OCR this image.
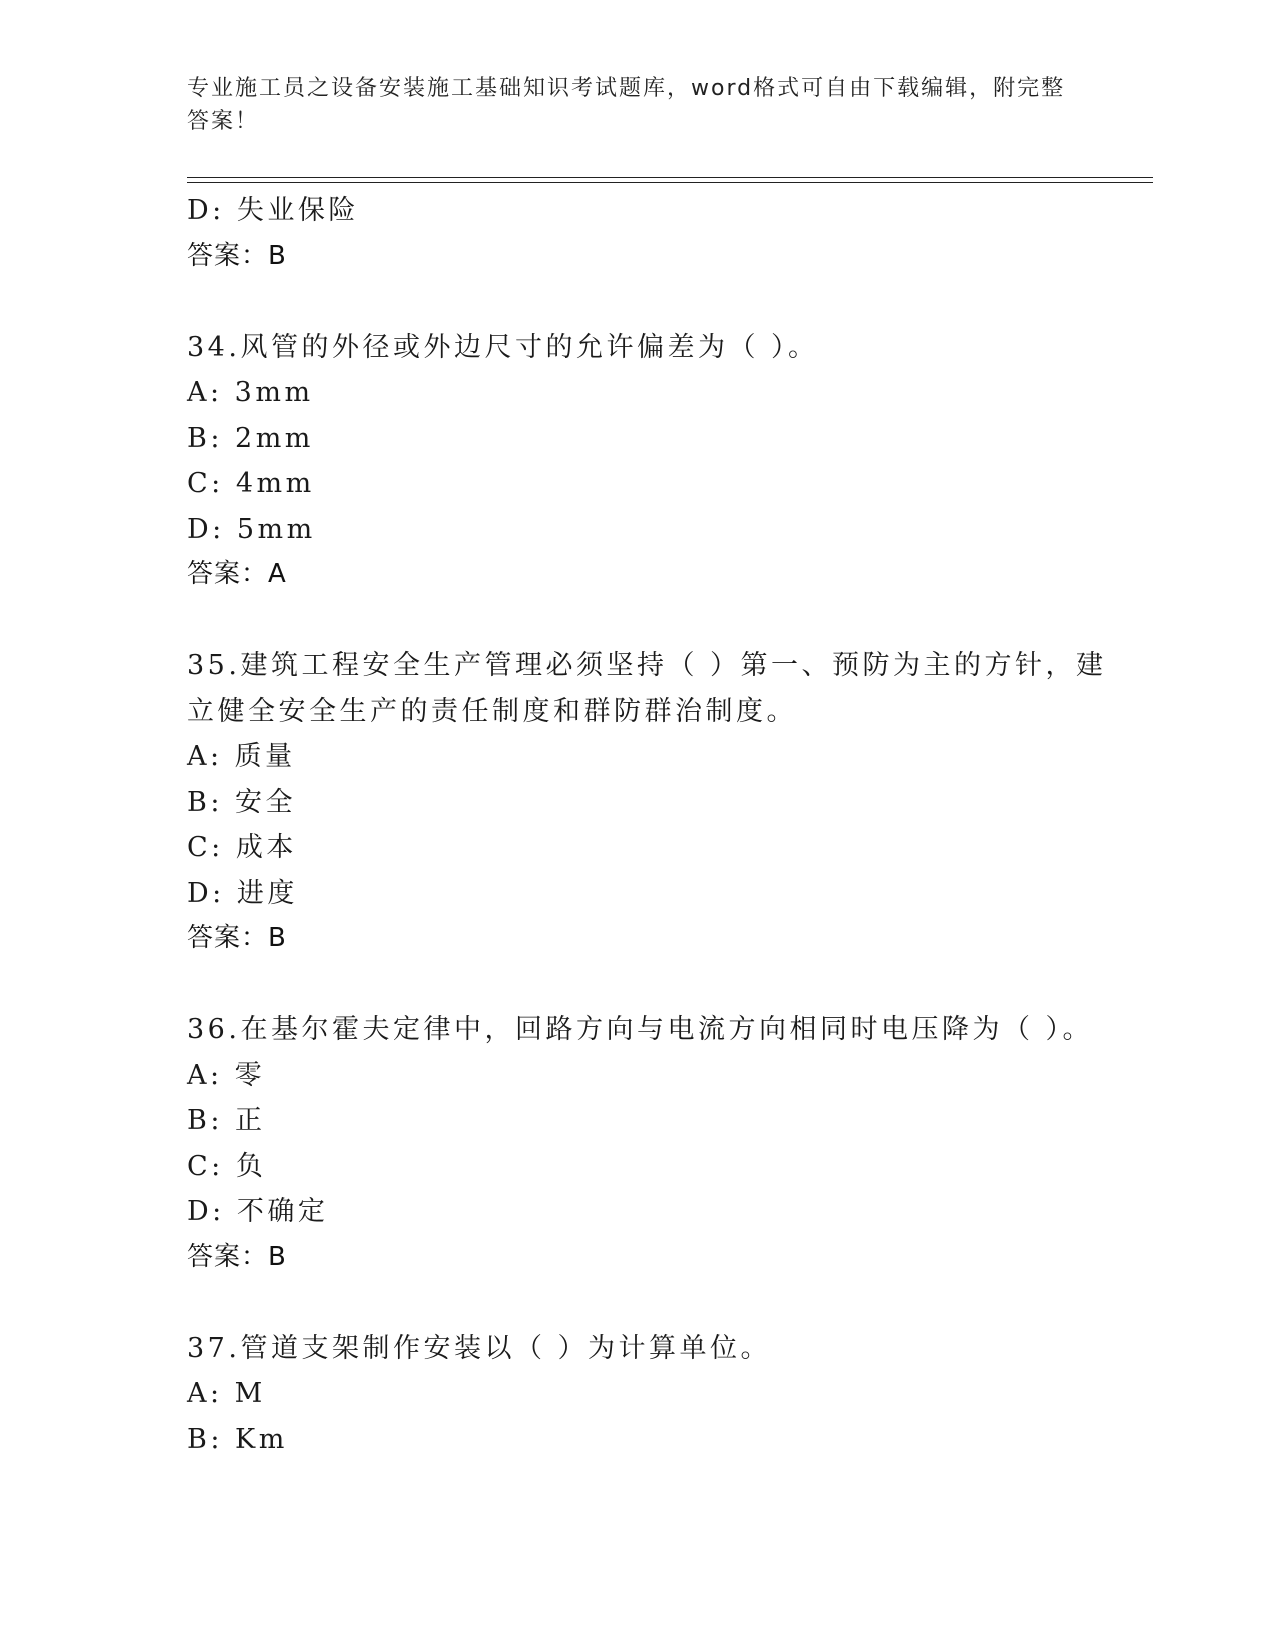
专业施工员之设备安装施工基础知识考试题库，word格式可自由下载编辑，附完整答案！
D: 失业保险
答案：B
34.风管的外径或外边尺寸的允许偏差为（ ）。
A: 3mm
B: 2mm
C: 4mm
D: 5mm
答案：A
35.建筑工程安全生产管理必须坚持（ ）第一、预防为主的方针，建
立健全安全生产的责任制度和群防群治制度。
A: 质量
B: 安全
C: 成本
D: 进度
答案：B
36.在基尔霍夫定律中，回路方向与电流方向相同时电压降为（ ）。
A: 零
B: 正
C: 负
D: 不确定
答案：B
37.管道支架制作安装以（ ）为计算单位。
A: M
B: Km
